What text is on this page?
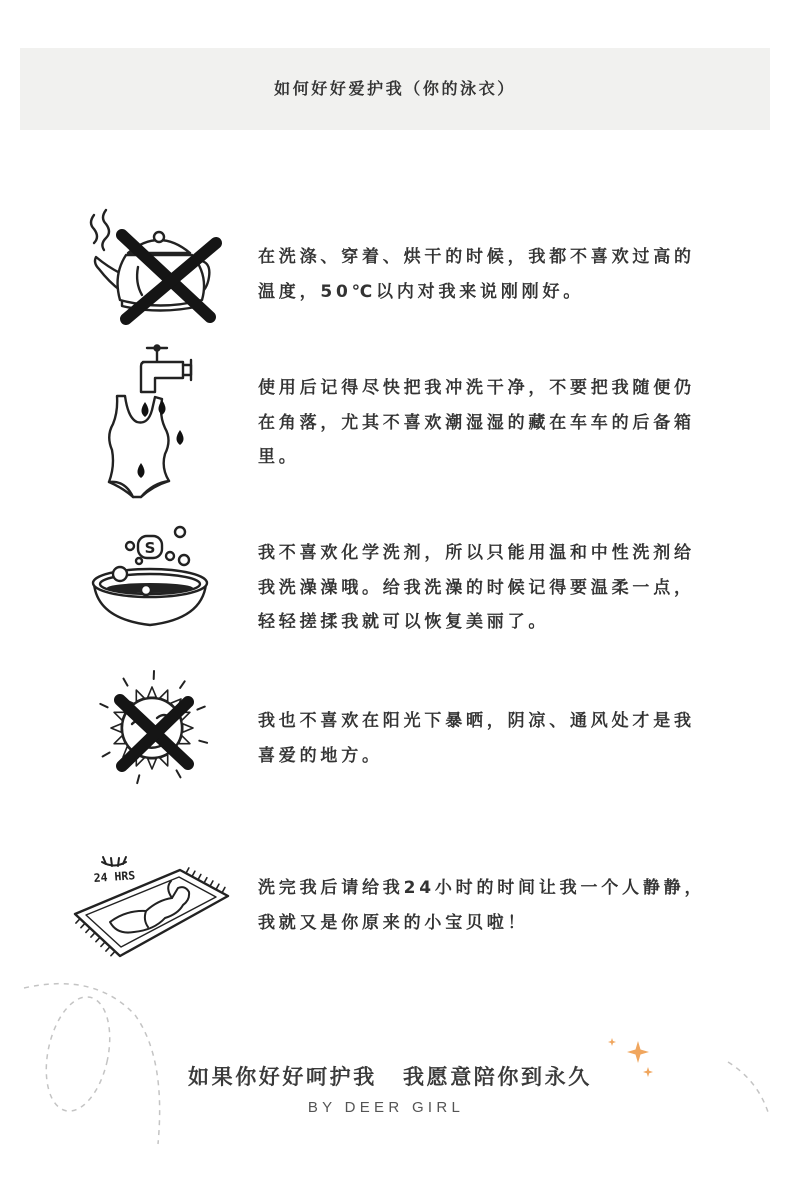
如何好好爱护我（你的泳衣）
在洗涤、穿着、烘干的时候，我都不喜欢过高的
温度，50℃以内对我来说刚刚好。
使用后记得尽快把我冲洗干净，不要把我随便仍
在角落，尤其不喜欢潮湿湿的藏在车车的后备箱
里。
S	我不喜欢化学洗剂，所以只能用温和中性洗剂给
我洗澡澡哦。给我洗澡的时候记得要温柔一点，
轻轻搓揉我就可以恢复美丽了。
我也不喜欢在阳光下暴晒，阴凉、通风处才是我
喜爱的地方。
24 HRS
洗完我后请给我24小时的时间让我一个人静静，
我就又是你原来的小宝贝啦！
如果你好好呵护我 我愿意陪你到永久
BY DEER GIRL
